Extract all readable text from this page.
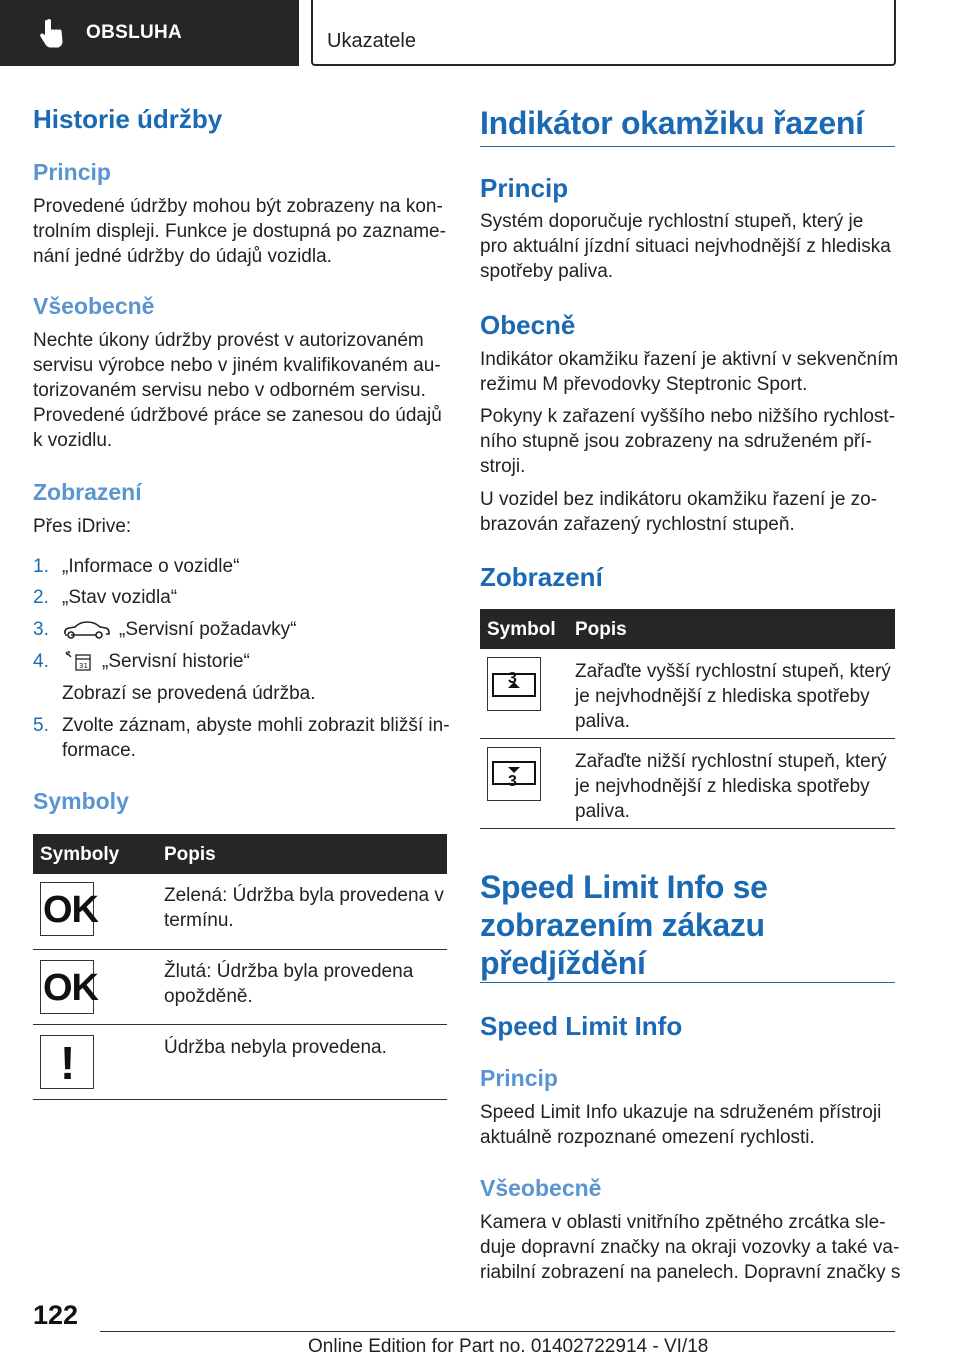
OBSLUHA	Ukazatele
Historie údržby
Princip

Provedené údržby mohou být zobrazeny na kon-

trolním displeji. Funkce je dostupná po zazname-

nání jedné údržby do údajů vozidla.

Všeobecně

Nechte úkony údržby provést v autorizovaném

servisu výrobce nebo v jiném kvalifikovaném au-

torizovaném servisu nebo v odborném servisu.

Provedené údržbové práce se zanesou do údajů

k vozidlu.

Zobrazení

Přes iDrive:

1. „Informace o vozidle“
2. „Stav vozidla“
3.	„Servisní požadavky“
4.	31 „Servisní historie“
Zobrazí se provedená údržba.
5. Zvolte záznam, abyste mohli zobrazit bližší in-
formace.
Symboly
Symboly Popis
OK	Zelená: Údržba byla provedena v
termínu.
OK	Žlutá: Údržba byla provedena
opožděně.
!	Údržba nebyla provedena.
Indikátor okamžiku řazení
Princip

Systém doporučuje rychlostní stupeň, který je

pro aktuální jízdní situaci nejvhodnější z hlediska

spotřeby paliva.

Obecně

Indikátor okamžiku řazení je aktivní v sekvenčním

režimu M převodovky Steptronic Sport.

Pokyny k zařazení vyššího nebo nižšího rychlost-

ního stupně jsou zobrazeny na sdruženém pří-

stroji.

U vozidel bez indikátoru okamžiku řazení je zo-

brazován zařazený rychlostní stupeň.

Zobrazení
Symbol Popis
3	Zařaďte vyšší rychlostní stupeň, který
je nejvhodnější z hlediska spotřeby
paliva.
3
Zařaďte nižší rychlostní stupeň, který
je nejvhodnější z hlediska spotřeby
paliva.
Speed Limit Info se
zobrazením zákazu
předjíždění
Speed Limit Info
Princip

Speed Limit Info ukazuje na sdruženém přístroji

aktuálně rozpoznané omezení rychlosti.

Všeobecně

Kamera v oblasti vnitřního zpětného zrcátka sle-

duje dopravní značky na okraji vozovky a také va-

riabilní zobrazení na panelech. Dopravní značky s

122
Online Edition for Part no. 01402722914 - VI/18
